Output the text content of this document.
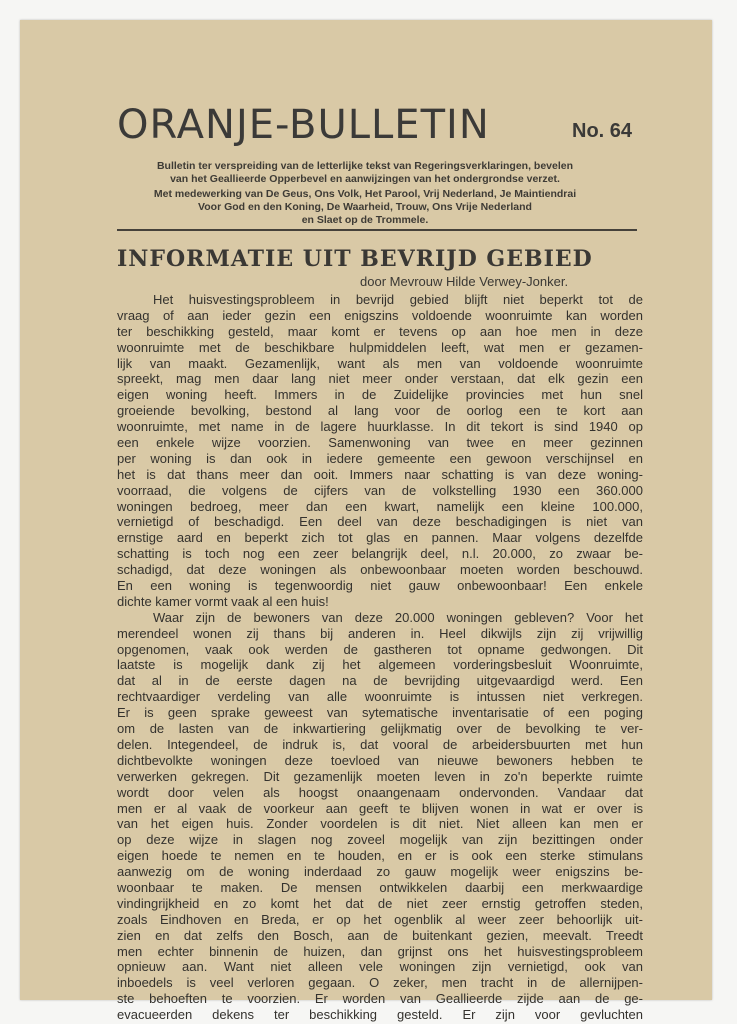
ORANJE-BULLETIN	No. 64
Bulletin ter verspreiding van de letterlijke tekst van Regeringsverklaringen, bevelen
van het Geallieerde Opperbevel en aanwijzingen van het ondergrondse verzet.
Met medewerking van De Geus, Ons Volk, Het Parool, Vrij Nederland, Je Maintiendrai
Voor God en den Koning, De Waarheid, Trouw, Ons Vrije Nederland
en Slaet op de Trommele.
INFORMATIE UIT BEVRIJD GEBIED
door Mevrouw Hilde Verwey-Jonker.
Het huisvestingsprobleem in bevrijd gebied blijft niet beperkt tot de
vraag of aan ieder gezin een enigszins voldoende woonruimte kan worden
ter beschikking gesteld, maar komt er tevens op aan hoe men in deze
woonruimte met de beschikbare hulpmiddelen leeft, wat men er gezamen-
lijk van maakt. Gezamenlijk, want als men van voldoende woonruimte
spreekt, mag men daar lang niet meer onder verstaan, dat elk gezin een
eigen woning heeft. Immers in de Zuidelijke provincies met hun snel
groeiende bevolking, bestond al lang voor de oorlog een te kort aan
woonruimte, met name in de lagere huurklasse. In dit tekort is sind 1940 op
een enkele wijze voorzien. Samenwoning van twee en meer gezinnen
per woning is dan ook in iedere gemeente een gewoon verschijnsel en
het is dat thans meer dan ooit. Immers naar schatting is van deze woning-
voorraad, die volgens de cijfers van de volkstelling 1930 een 360.000
woningen bedroeg, meer dan een kwart, namelijk een kleine 100.000,
vernietigd of beschadigd. Een deel van deze beschadigingen is niet van
ernstige aard en beperkt zich tot glas en pannen. Maar volgens dezelfde
schatting is toch nog een zeer belangrijk deel, n.l. 20.000, zo zwaar be-
schadigd, dat deze woningen als onbewoonbaar moeten worden beschouwd.
En een woning is tegenwoordig niet gauw onbewoonbaar! Een enkele
dichte kamer vormt vaak al een huis!
Waar zijn de bewoners van deze 20.000 woningen gebleven? Voor het
merendeel wonen zij thans bij anderen in. Heel dikwijls zijn zij vrijwillig
opgenomen, vaak ook werden de gastheren tot opname gedwongen. Dit
laatste is mogelijk dank zij het algemeen vorderingsbesluit Woonruimte,
dat al in de eerste dagen na de bevrijding uitgevaardigd werd. Een
rechtvaardiger verdeling van alle woonruimte is intussen niet verkregen.
Er is geen sprake geweest van sytematische inventarisatie of een poging
om de lasten van de inkwartiering gelijkmatig over de bevolking te ver-
delen. Integendeel, de indruk is, dat vooral de arbeidersbuurten met hun
dichtbevolkte woningen deze toevloed van nieuwe bewoners hebben te
verwerken gekregen. Dit gezamenlijk moeten leven in zo'n beperkte ruimte
wordt door velen als hoogst onaangenaam ondervonden. Vandaar dat
men er al vaak de voorkeur aan geeft te blijven wonen in wat er over is
van het eigen huis. Zonder voordelen is dit niet. Niet alleen kan men er
op deze wijze in slagen nog zoveel mogelijk van zijn bezittingen onder
eigen hoede te nemen en te houden, en er is ook een sterke stimulans
aanwezig om de woning inderdaad zo gauw mogelijk weer enigszins be-
woonbaar te maken. De mensen ontwikkelen daarbij een merkwaardige
vindingrijkheid en zo komt het dat de niet zeer ernstig getroffen steden,
zoals Eindhoven en Breda, er op het ogenblik al weer zeer behoorlijk uit-
zien en dat zelfs den Bosch, aan de buitenkant gezien, meevalt. Treedt
men echter binnenin de huizen, dan grijnst ons het huisvestingsprobleem
opnieuw aan. Want niet alleen vele woningen zijn vernietigd, ook van
inboedels is veel verloren gegaan. O zeker, men tracht in de allernijpen-
ste behoeften te voorzien. Er worden van Geallieerde zijde aan de ge-
evacueerden dekens ter beschikking gesteld. Er zijn voor gevluchten
